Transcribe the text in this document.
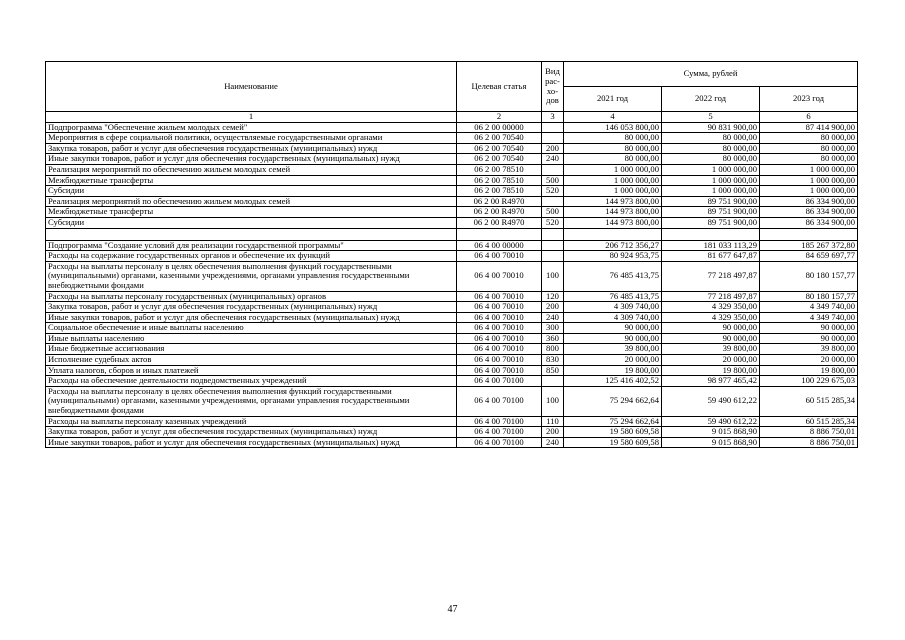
Наименование	Целевая статья	Вид рас-хо-дов	Сумма, рублей		
			2021 год	2022 год	2023 год
1	2	3	4	5	6
Подпрограмма "Обеспечение жильем молодых семей"	06 2 00 00000		146 053 800,00	90 831 900,00	87 414 900,00
Мероприятия в сфере социальной политики, осуществляемые государственными органами	06 2 00 70540		80 000,00	80 000,00	80 000,00
Закупка товаров, работ и услуг для обеспечения государственных (муниципальных) нужд	06 2 00 70540	200	80 000,00	80 000,00	80 000,00
Иные закупки товаров, работ и услуг для обеспечения государственных (муниципальных) нужд	06 2 00 70540	240	80 000,00	80 000,00	80 000,00
Реализация мероприятий по обеспечению жильем молодых семей	06 2 00 78510		1 000 000,00	1 000 000,00	1 000 000,00
Межбюджетные трансферты	06 2 00 78510	500	1 000 000,00	1 000 000,00	1 000 000,00
Субсидии	06 2 00 78510	520	1 000 000,00	1 000 000,00	1 000 000,00
Реализация мероприятий по обеспечению жильем молодых семей	06 2 00 R4970		144 973 800,00	89 751 900,00	86 334 900,00
Межбюджетные трансферты	06 2 00 R4970	500	144 973 800,00	89 751 900,00	86 334 900,00
Субсидии	06 2 00 R4970	520	144 973 800,00	89 751 900,00	86 334 900,00

Подпрограмма "Создание условий для реализации государственной программы"	06 4 00 00000		206 712 356,27	181 033 113,29	185 267 372,80
Расходы на содержание государственных органов и обеспечение их функций	06 4 00 70010		80 924 953,75	81 677 647,87	84 659 697,77
Расходы на выплаты персоналу в целях обеспечения выполнения функций государственными (муниципальными) органами, казенными учреждениями, органами управления государственными внебюджетными фондами	06 4 00 70010	100	76 485 413,75	77 218 497,87	80 180 157,77
Расходы на выплаты персоналу государственных (муниципальных) органов	06 4 00 70010	120	76 485 413,75	77 218 497,87	80 180 157,77
Закупка товаров, работ и услуг для обеспечения государственных (муниципальных) нужд	06 4 00 70010	200	4 309 740,00	4 329 350,00	4 349 740,00
Иные закупки товаров, работ и услуг для обеспечения государственных (муниципальных) нужд	06 4 00 70010	240	4 309 740,00	4 329 350,00	4 349 740,00
Социальное обеспечение и иные выплаты населению	06 4 00 70010	300	90 000,00	90 000,00	90 000,00
Иные выплаты населению	06 4 00 70010	360	90 000,00	90 000,00	90 000,00
Иные бюджетные ассигнования	06 4 00 70010	800	39 800,00	39 800,00	39 800,00
Исполнение судебных актов	06 4 00 70010	830	20 000,00	20 000,00	20 000,00
Уплата налогов, сборов и иных платежей	06 4 00 70010	850	19 800,00	19 800,00	19 800,00
Расходы на обеспечение деятельности подведомственных учреждений	06 4 00 70100		125 416 402,52	98 977 465,42	100 229 675,03
Расходы на выплаты персоналу в целях обеспечения выполнения функций государственными (муниципальными) органами, казенными учреждениями, органами управления государственными внебюджетными фондами	06 4 00 70100	100	75 294 662,64	59 490 612,22	60 515 285,34
Расходы на выплаты персоналу казенных учреждений	06 4 00 70100	110	75 294 662,64	59 490 612,22	60 515 285,34
Закупка товаров, работ и услуг для обеспечения государственных (муниципальных) нужд	06 4 00 70100	200	19 580 609,58	9 015 868,90	8 886 750,01
Иные закупки товаров, работ и услуг для обеспечения государственных (муниципальных) нужд	06 4 00 70100	240	19 580 609,58	9 015 868,90	8 886 750,01
47
